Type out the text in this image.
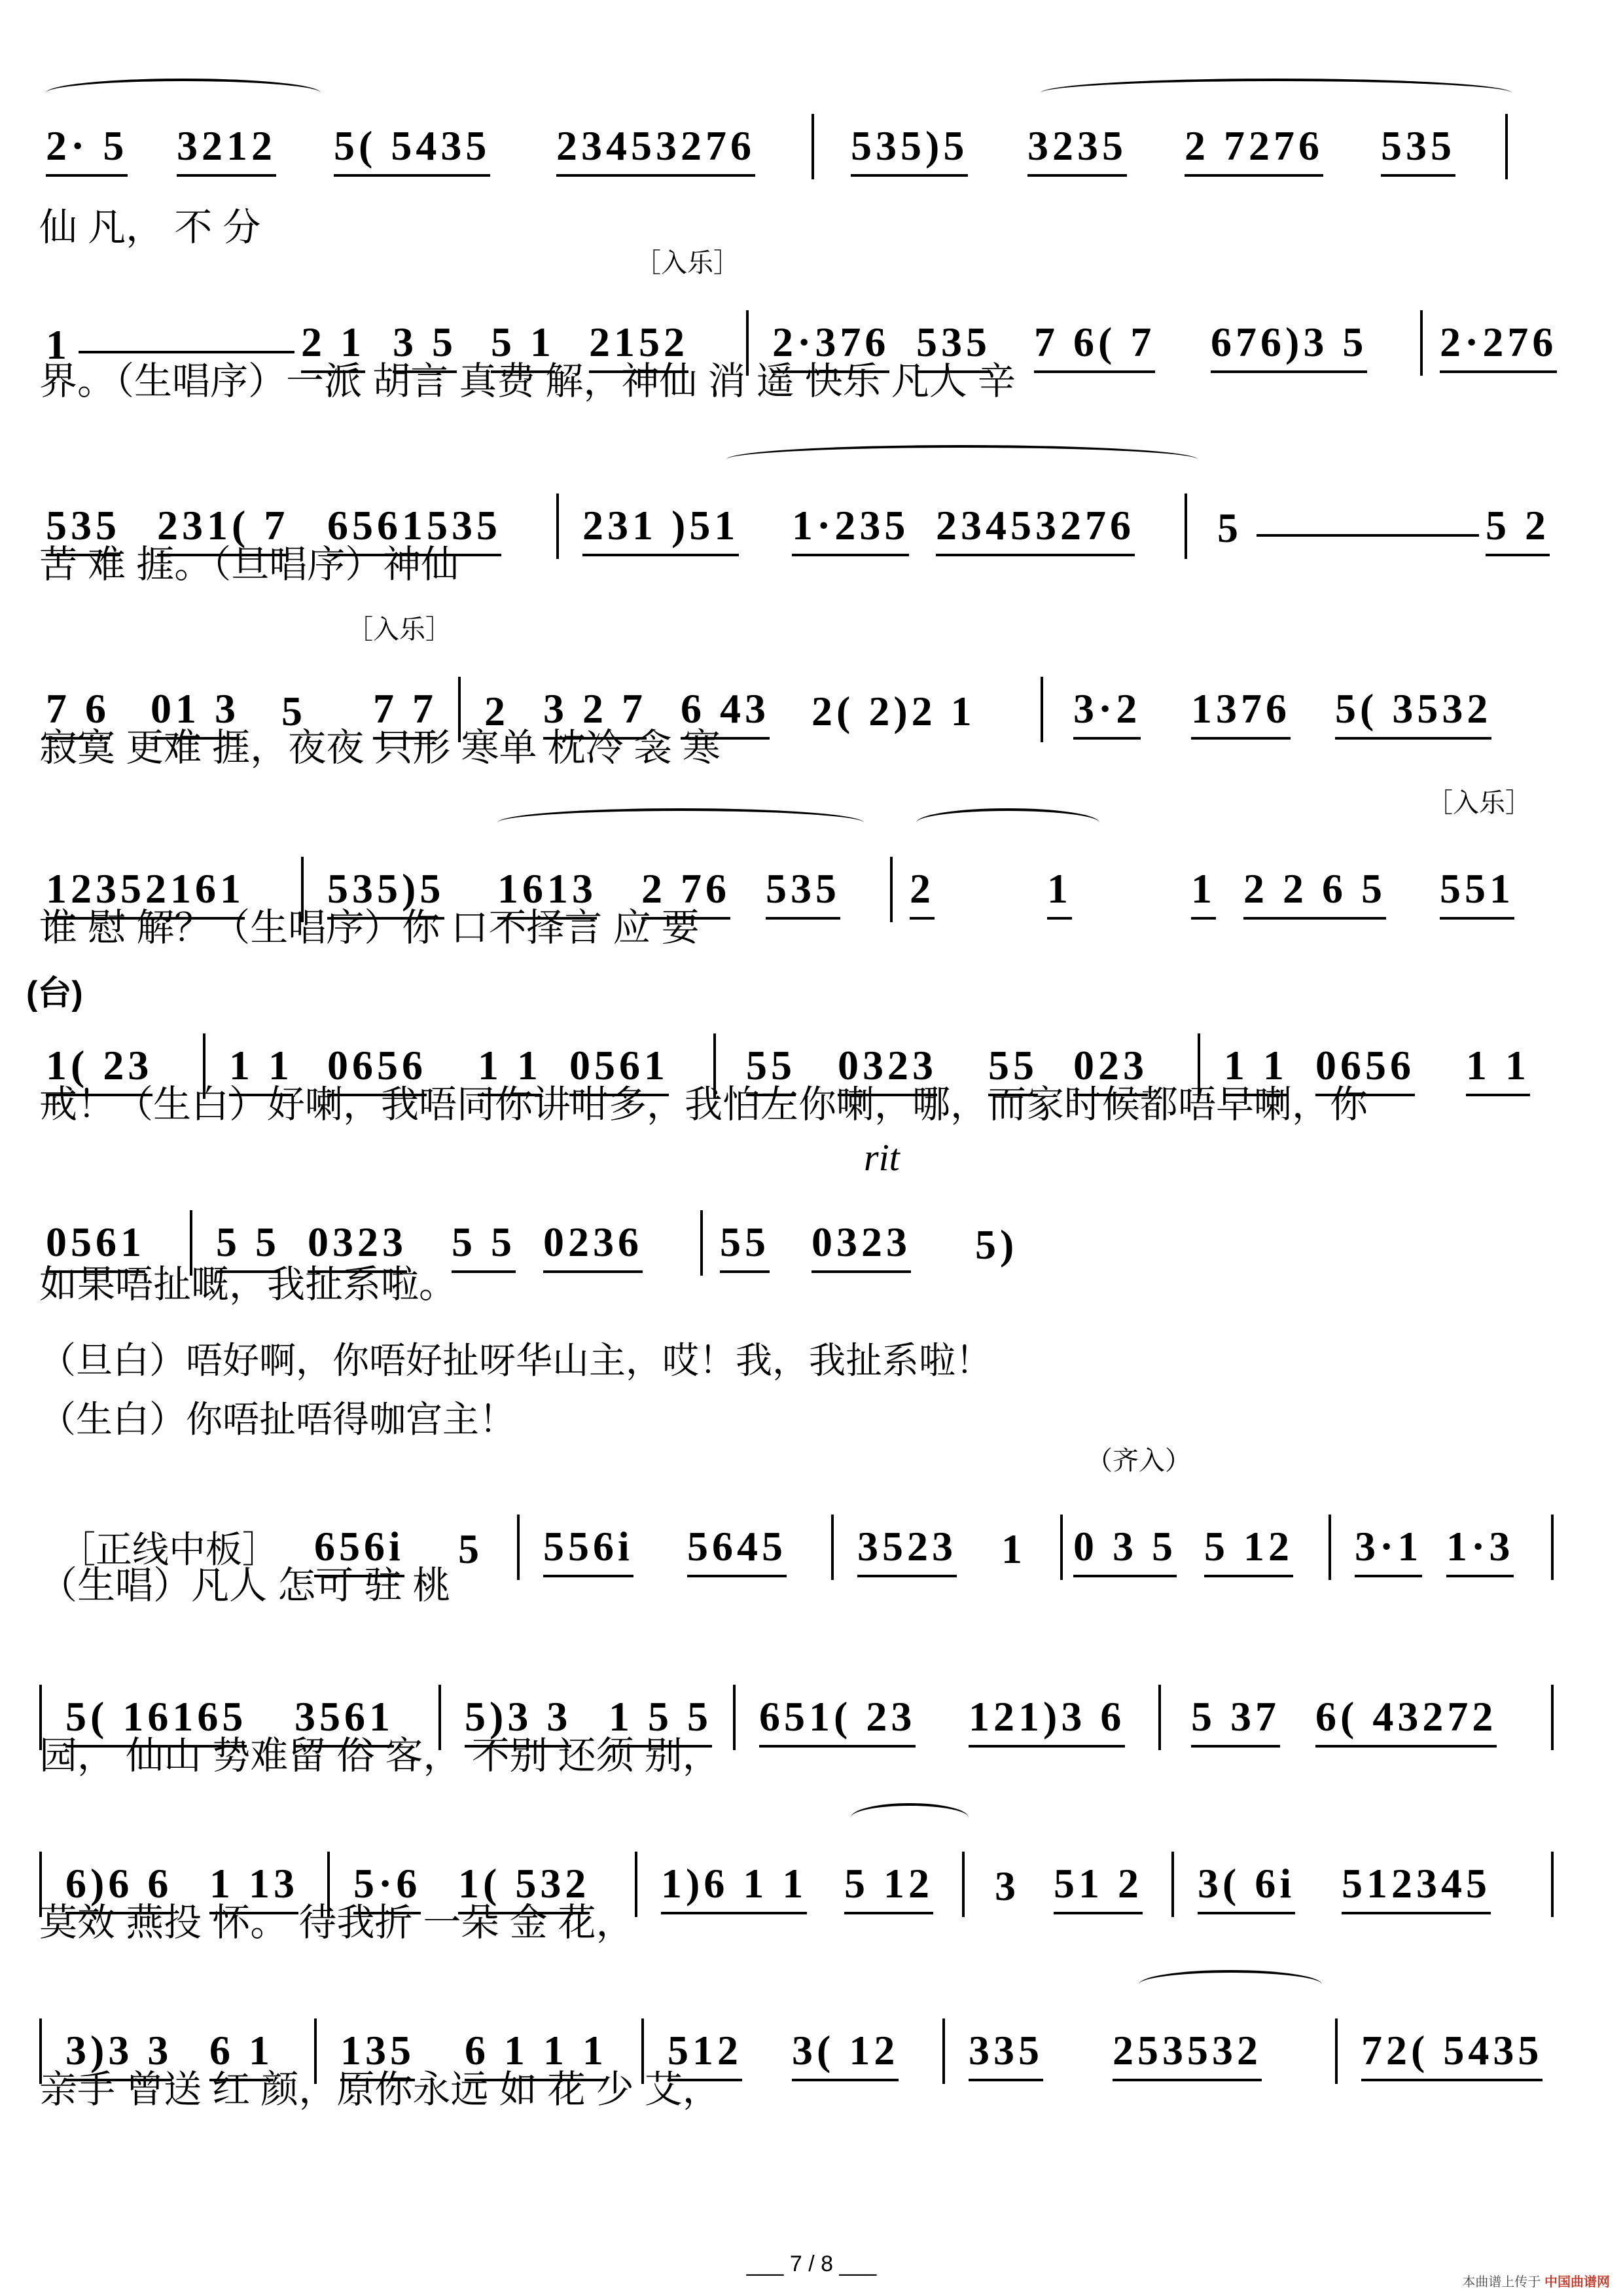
2· 5 3212 5( 5435 23453276 535)5 3235 2 7276 535
仙 凡， 不 分
［入乐］
1	2 1 3 5 5 1 2152 2·376 535 7 6( 7 676)3 5 2·276
界。（生唱序）一派 胡言 真费 解，神仙 消 遥 快乐 凡人 辛
535 231( 7 6561535 231 )51 1·235 23453276 5	5 2
苦 难 捱。（旦唱序）神仙
［入乐］
7 6 01 3 5 7 7 2 3 2 7 6 43 2( 2)2 1 3·2 1376 5( 3532
寂寞 更难 捱，夜夜 只形 寒单 枕冷 衾 寒
［入乐］
12352161 535)5 1613 2 76 535 2	1	1 2 2 6 5 551
谁 慰 解？（生唱序）你 口不择言 应 要
(台)
1( 23 1 1 0656 1 1 0561 55 0323 55 023 1 1 0656 1 1
戒！（生白）好喇，我唔同你讲咁多，我怕左你喇，哪，而家时候都唔早喇，你
rit
0561 5 5 0323 5 5 0236 55 0323 5)
如果唔扯嘅，我扯系啦。
（旦白）唔好啊，你唔好扯呀华山主，哎！我，我扯系啦！
（生白）你唔扯唔得咖宫主！
（齐入）
［正线中板］ 656i 5 556i 5645 3523 1 0 3 5 5 12 3·1 1·3
（生唱）凡人 怎可 驻 桃
5( 16165 3561 5)3 3 1 5 5 651( 23 121)3 6 5 37 6( 43272
园， 仙山 势难留 俗 客， 不别 还须 别，
6)6 6 1 13 5·6 1( 532 1)6 1 1 5 12 3 51 2 3( 6i 512345
莫效 燕投 怀。 待我折 一朵 金 花，
3)3 3 6 1 135 6 1 1 1 512 3( 12 335 253532 72( 5435
亲手 曾送 红 颜，原你永远 如 花 少 艾，
___ 7 / 8 ___
本曲谱上传于 中国曲谱网
